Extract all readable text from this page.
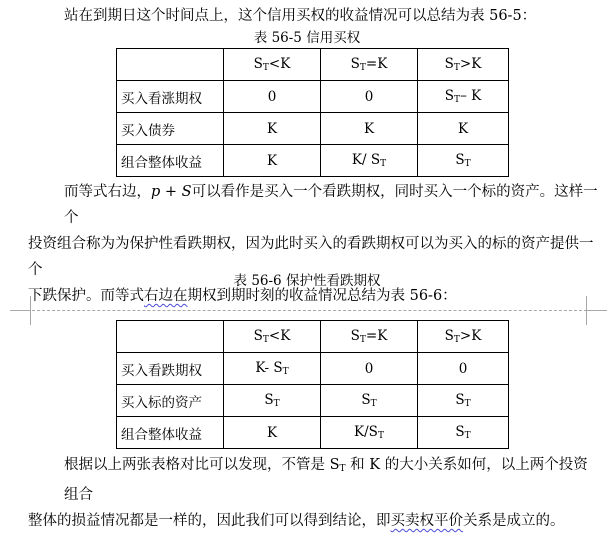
站在到期日这个时间点上，这个信用买权的收益情况可以总结为表 56-5：

表 56-5 信用买权
	$S_T<K$	$S_T=K$	$S_T>K$
买入看涨期权	0	0	$S_T-$ K
买入债券	K	K	K
组合整体收益	K	K/ $S_T$	$S_T$
而等式右边，p + S可以看作是买入一个看跌期权，同时买入一个标的资产。这样一个
投资组合称为为保护性看跌期权，因为此时买入的看跌期权可以为买入的标的资产提供一个
下跌保护。而等式右边在期权到期时刻的收益情况总结为表 56-6：
表 56-6 保护性看跌期权
	$S_T<K$	$S_T=K$	$S_T>K$
买入看跌期权	K- $S_T$	0	0
买入标的资产	$S_T$	$S_T$	$S_T$
组合整体收益	K	$K/S_T$	$S_T$
根据以上两张表格对比可以发现，不管是 $S_T$ 和 K 的大小关系如何，以上两个投资组合
整体的损益情况都是一样的，因此我们可以得到结论，即买卖权平价关系是成立的。
